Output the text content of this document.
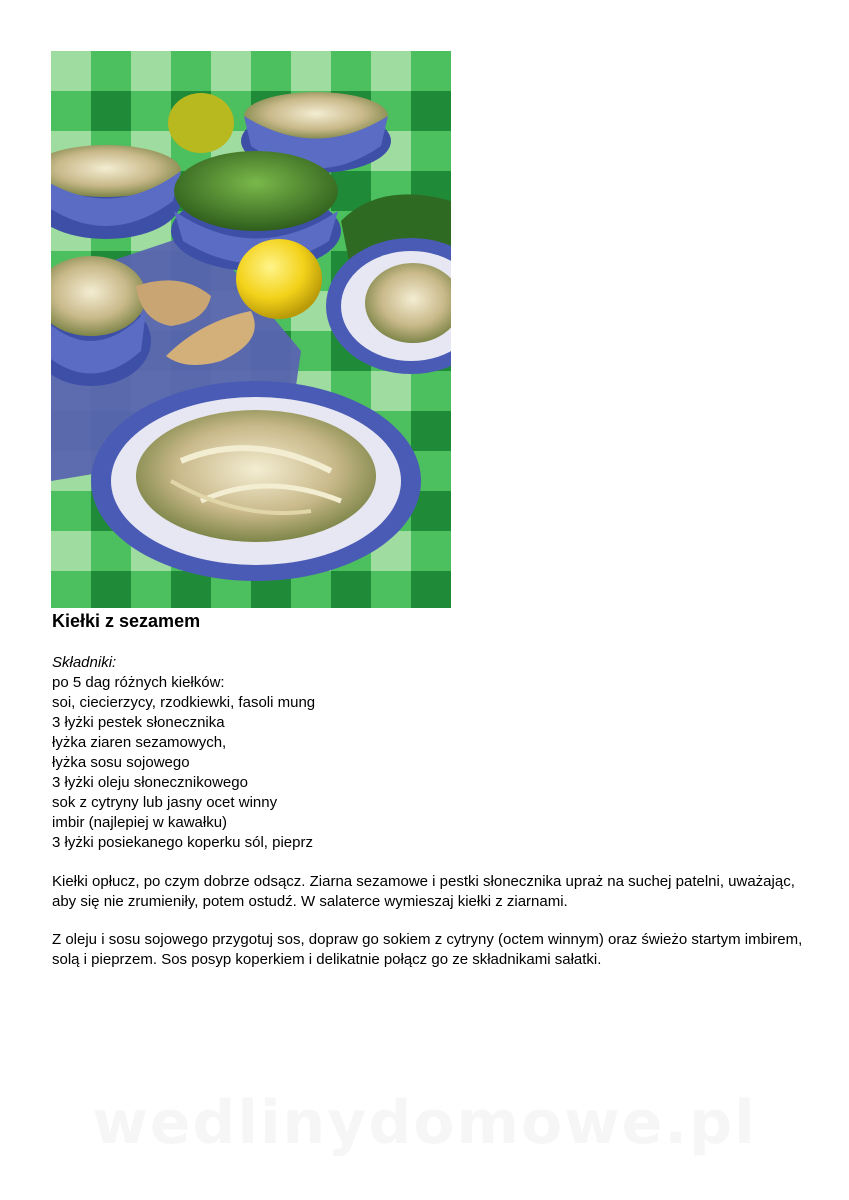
Kiełki z sezamem
Składniki:
po 5 dag różnych kiełków:
soi, ciecierzycy, rzodkiewki, fasoli mung
3 łyżki pestek słonecznika
łyżka ziaren sezamowych,
łyżka sosu sojowego
3 łyżki oleju słonecznikowego
sok z cytryny lub jasny ocet winny
imbir (najlepiej w kawałku)
3 łyżki posiekanego koperku sól, pieprz

Kiełki opłucz, po czym dobrze odsącz. Ziarna sezamowe i pestki słonecznika upraż na suchej patelni, uważając, aby się nie zrumieniły, potem ostudź. W salaterce wymieszaj kiełki z ziarnami.

Z oleju i sosu sojowego przygotuj sos, dopraw go sokiem z cytryny (octem winnym) oraz świeżo startym imbirem, solą i pieprzem. Sos posyp koperkiem i delikatnie połącz go ze składnikami sałatki.

wedlinydomowe.pl
